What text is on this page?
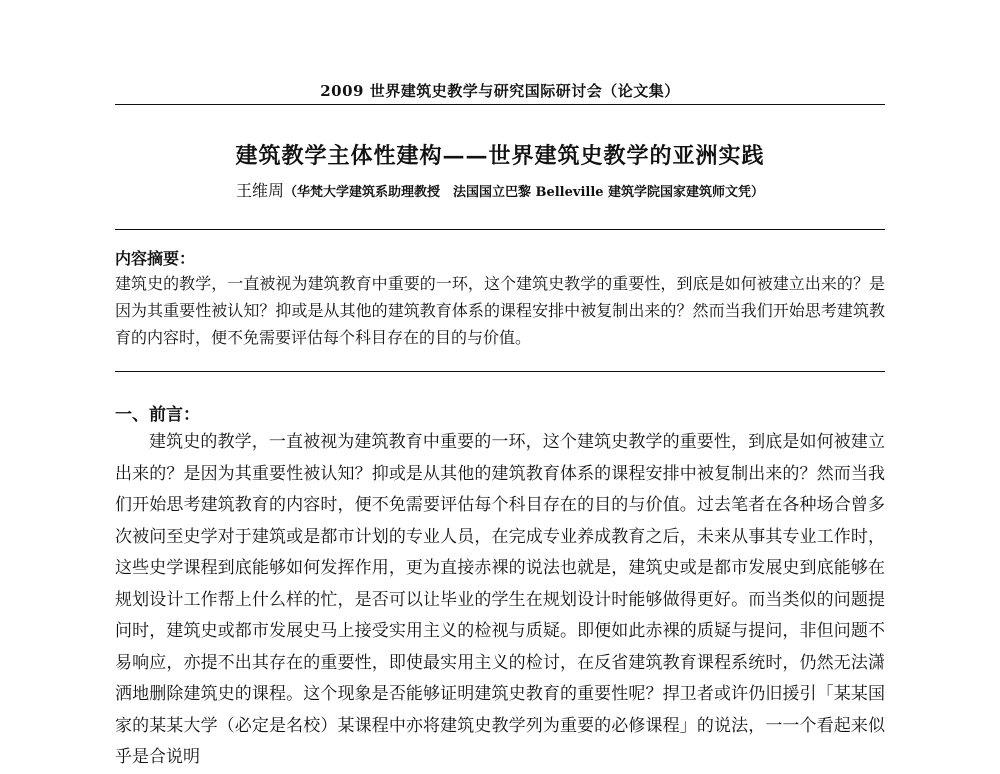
2009 世界建筑史教学与研究国际研讨会（论文集）
建筑教学主体性建构——世界建筑史教学的亚洲实践
王维周（华梵大学建筑系助理教授　法国国立巴黎 Belleville 建筑学院国家建筑师文凭）
内容摘要：
建筑史的教学，一直被视为建筑教育中重要的一环，这个建筑史教学的重要性，到底是如何被建立出来的？是因为其重要性被认知？抑或是从其他的建筑教育体系的课程安排中被复制出来的？然而当我们开始思考建筑教育的内容时，便不免需要评估每个科目存在的目的与价值。
一、前言：
建筑史的教学，一直被视为建筑教育中重要的一环，这个建筑史教学的重要性，到底是如何被建立出来的？是因为其重要性被认知？抑或是从其他的建筑教育体系的课程安排中被复制出来的？然而当我们开始思考建筑教育的内容时，便不免需要评估每个科目存在的目的与价值。过去笔者在各种场合曾多次被问至史学对于建筑或是都市计划的专业人员，在完成专业养成教育之后，未来从事其专业工作时，这些史学课程到底能够如何发挥作用，更为直接赤裸的说法也就是，建筑史或是都市发展史到底能够在规划设计工作帮上什么样的忙，是否可以让毕业的学生在规划设计时能够做得更好。而当类似的问题提问时，建筑史或都市发展史马上接受实用主义的检视与质疑。即便如此赤裸的质疑与提问，非但问题不易响应，亦提不出其存在的重要性，即使最实用主义的检讨，在反省建筑教育课程系统时，仍然无法潇洒地删除建筑史的课程。这个现象是否能够证明建筑史教育的重要性呢？捍卫者或许仍旧援引「某某国家的某某大学（必定是名校）某课程中亦将建筑史教学列为重要的必修课程」的说法，一一个看起来似乎是合说明
